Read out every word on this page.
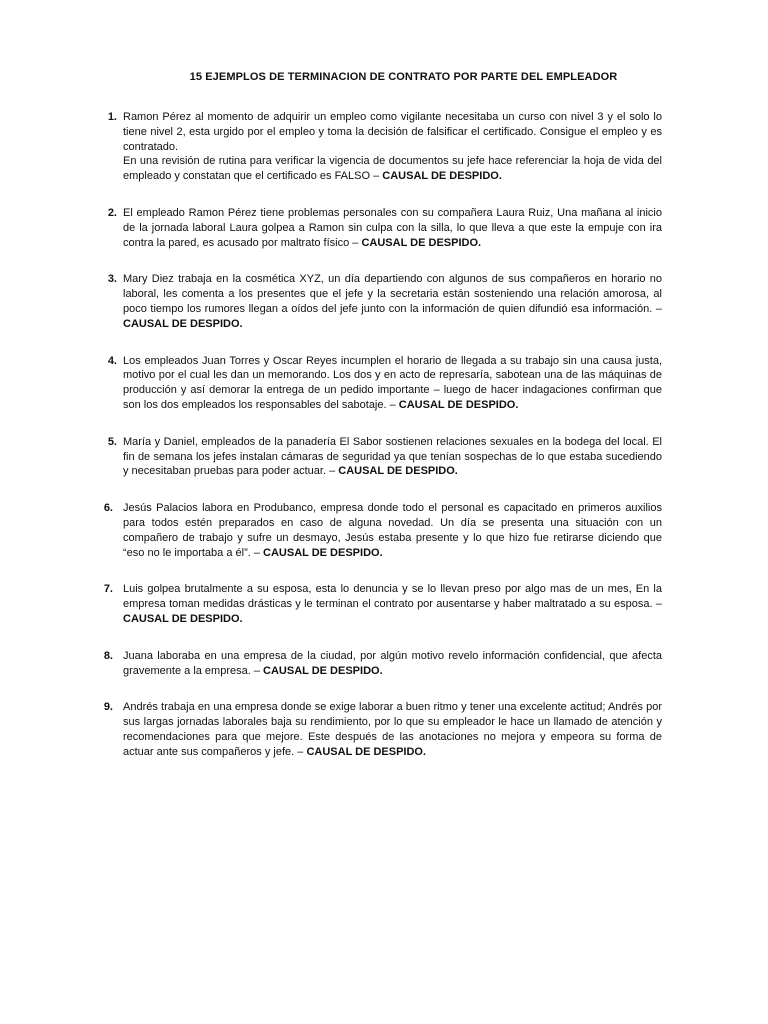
15 EJEMPLOS DE TERMINACION DE CONTRATO POR PARTE DEL EMPLEADOR
1. Ramon Pérez al momento de adquirir un empleo como vigilante necesitaba un curso con nivel 3 y el solo lo tiene nivel 2, esta urgido por el empleo y toma la decisión de falsificar el certificado. Consigue el empleo y es contratado.
En una revisión de rutina para verificar la vigencia de documentos su jefe hace referenciar la hoja de vida del empleado y constatan que el certificado es FALSO – CAUSAL DE DESPIDO.
2. El empleado Ramon Pérez tiene problemas personales con su compañera Laura Ruiz, Una mañana al inicio de la jornada laboral Laura golpea a Ramon sin culpa con la silla, lo que lleva a que este la empuje con ira contra la pared, es acusado por maltrato físico – CAUSAL DE DESPIDO.
3. Mary Diez trabaja en la cosmética XYZ, un día departiendo con algunos de sus compañeros en horario no laboral, les comenta a los presentes que el jefe y la secretaria están sosteniendo una relación amorosa, al poco tiempo los rumores llegan a oídos del jefe junto con la información de quien difundió esa información. – CAUSAL DE DESPIDO.
4. Los empleados Juan Torres y Oscar Reyes incumplen el horario de llegada a su trabajo sin una causa justa, motivo por el cual les dan un memorando. Los dos y en acto de represaría, sabotean una de las máquinas de producción y así demorar la entrega de un pedido importante – luego de hacer indagaciones confirman que son los dos empleados los responsables del sabotaje. – CAUSAL DE DESPIDO.
5. María y Daniel, empleados de la panadería El Sabor sostienen relaciones sexuales en la bodega del local. El fin de semana los jefes instalan cámaras de seguridad ya que tenían sospechas de lo que estaba sucediendo y necesitaban pruebas para poder actuar. – CAUSAL DE DESPIDO.
6. Jesús Palacios labora en Produbanco, empresa donde todo el personal es capacitado en primeros auxilios para todos estén preparados en caso de alguna novedad. Un día se presenta una situación con un compañero de trabajo y sufre un desmayo, Jesús estaba presente y lo que hizo fue retirarse diciendo que “eso no le importaba a él”. – CAUSAL DE DESPIDO.
7. Luis golpea brutalmente a su esposa, esta lo denuncia y se lo llevan preso por algo mas de un mes, En la empresa toman medidas drásticas y le terminan el contrato por ausentarse y haber maltratado a su esposa. – CAUSAL DE DESPIDO.
8. Juana laboraba en una empresa de la ciudad, por algún motivo revelo información confidencial, que afecta gravemente a la empresa. – CAUSAL DE DESPIDO.
9. Andrés trabaja en una empresa donde se exige laborar a buen ritmo y tener una excelente actitud; Andrés por sus largas jornadas laborales baja su rendimiento, por lo que su empleador le hace un llamado de atención y recomendaciones para que mejore. Este después de las anotaciones no mejora y empeora su forma de actuar ante sus compañeros y jefe. – CAUSAL DE DESPIDO.
